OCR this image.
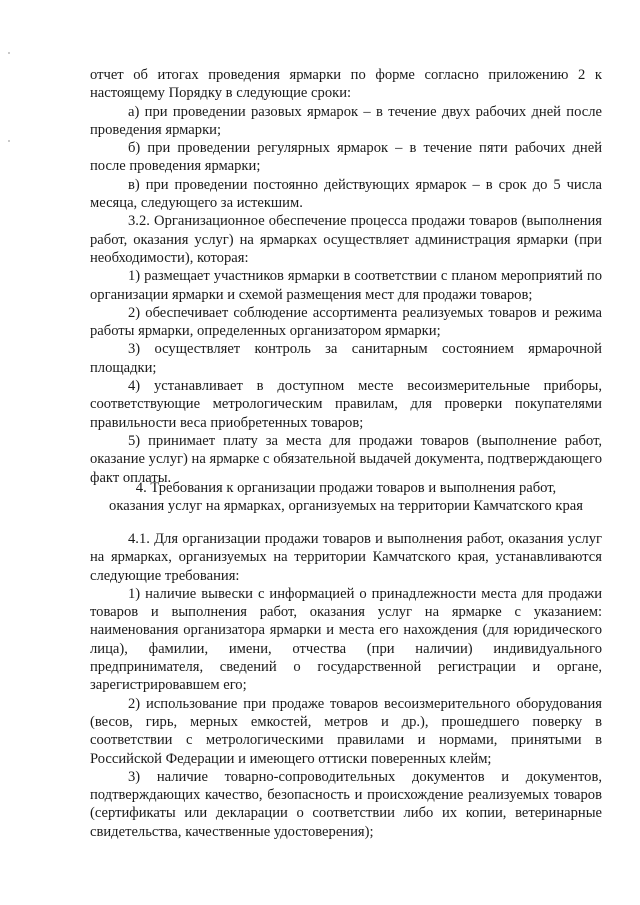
отчет об итогах проведения ярмарки по форме согласно приложению 2 к настоящему Порядку в следующие сроки:

а) при проведении разовых ярмарок – в течение двух рабочих дней после проведения ярмарки;

б) при проведении регулярных ярмарок – в течение пяти рабочих дней после проведения ярмарки;

в) при проведении постоянно действующих ярмарок – в срок до 5 числа месяца, следующего за истекшим.

3.2. Организационное обеспечение процесса продажи товаров (выполнения работ, оказания услуг) на ярмарках осуществляет администрация ярмарки (при необходимости), которая:

1) размещает участников ярмарки в соответствии с планом мероприятий по организации ярмарки и схемой размещения мест для продажи товаров;

2) обеспечивает соблюдение ассортимента реализуемых товаров и режима работы ярмарки, определенных организатором ярмарки;

3) осуществляет контроль за санитарным состоянием ярмарочной площадки;

4) устанавливает в доступном месте весоизмерительные приборы, соответствующие метрологическим правилам, для проверки покупателями правильности веса приобретенных товаров;

5) принимает плату за места для продажи товаров (выполнение работ, оказание услуг) на ярмарке с обязательной выдачей документа, подтверждающего факт оплаты.

4. Требования к организации продажи товаров и выполнения работ,

оказания услуг на ярмарках, организуемых на территории Камчатского края

4.1. Для организации продажи товаров и выполнения работ, оказания услуг на ярмарках, организуемых на территории Камчатского края, устанавливаются следующие требования:

1) наличие вывески с информацией о принадлежности места для продажи товаров и выполнения работ, оказания услуг на ярмарке с указанием: наименования организатора ярмарки и места его нахождения (для юридического лица), фамилии, имени, отчества (при наличии) индивидуального предпринимателя, сведений о государственной регистрации и органе, зарегистрировавшем его;

2) использование при продаже товаров весоизмерительного оборудования (весов, гирь, мерных емкостей, метров и др.), прошедшего поверку в соответствии с метрологическими правилами и нормами, принятыми в Российской Федерации и имеющего оттиски поверенных клейм;

3) наличие товарно-сопроводительных документов и документов, подтверждающих качество, безопасность и происхождение реализуемых товаров (сертификаты или декларации о соответствии либо их копии, ветеринарные свидетельства, качественные удостоверения);
